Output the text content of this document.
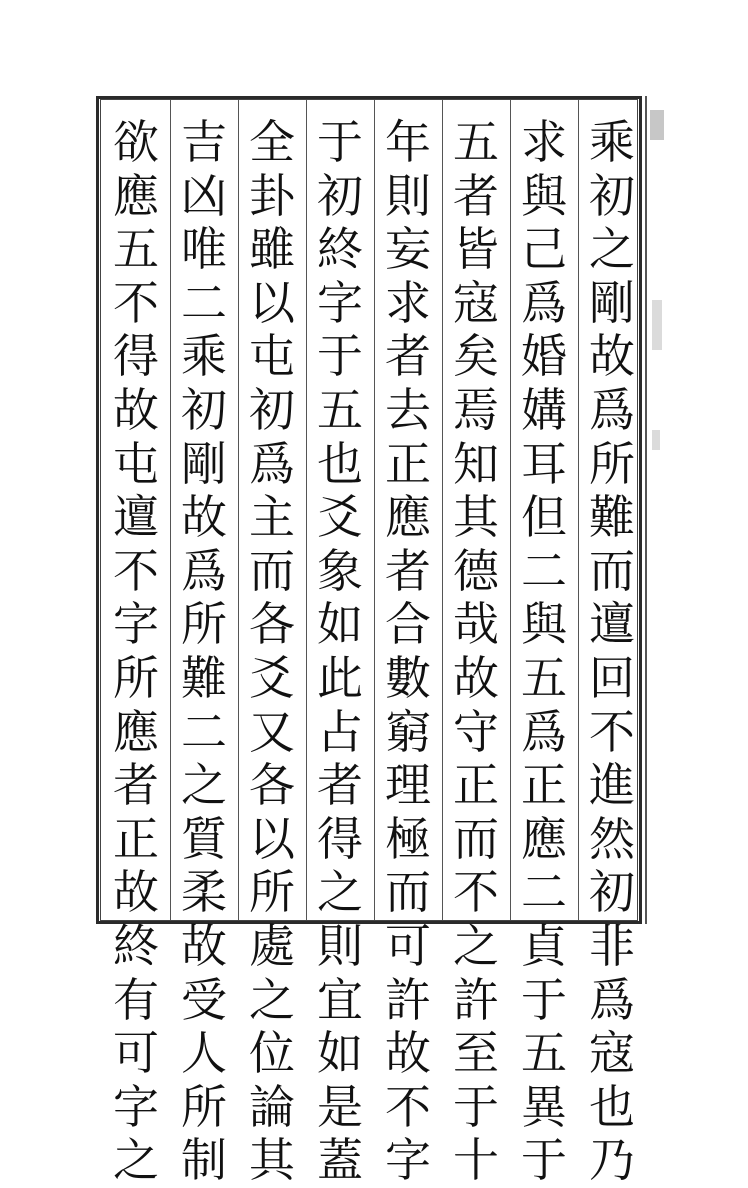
乘
初
之
剛
故
爲
所
難
而
邅
回
不
進
然
初
非
爲
寇
也
乃
求
與
己
爲
婚
媾
耳
但
二
與
五
爲
正
應
二
貞
于
五
異
于
五
者
皆
寇
矣
焉
知
其
德
哉
故
守
正
而
不
之
許
至
于
十
年
則
妄
求
者
去
正
應
者
合
數
窮
理
極
而
可
許
故
不
字
于
初
終
字
于
五
也
爻
象
如
此
占
者
得
之
則
宜
如
是
蓋
全
卦
雖
以
屯
初
爲
主
而
各
爻
又
各
以
所
處
之
位
論
其
吉
凶
唯
二
乘
初
剛
故
爲
所
難
二
之
質
柔
故
受
人
所
制
欲
應
五
不
得
故
屯
邅
不
字
所
應
者
正
故
終
有
可
字
之
